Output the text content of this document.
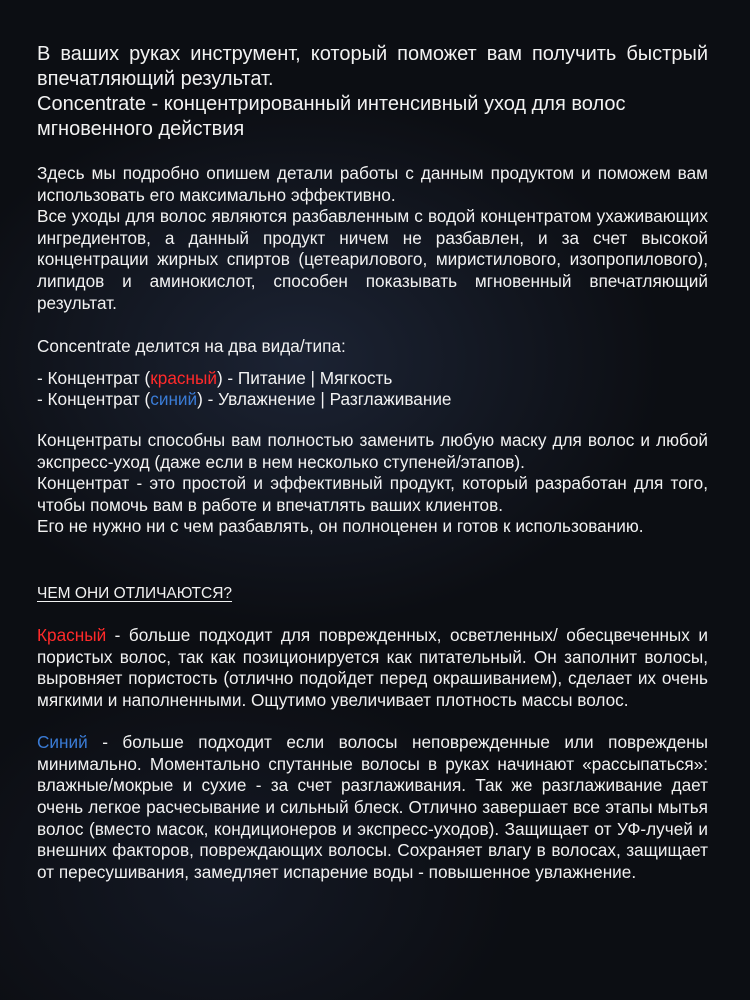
В ваших руках инструмент, который поможет вам получить быстрый впечатляющий результат.

Concentrate - концентрированный интенсивный уход для волос мгновенного действия

Здесь мы подробно опишем детали работы с данным продуктом и поможем вам использовать его максимально эффективно.

Все уходы для волос являются разбавленным с водой концентратом ухаживающих ингредиентов, а данный продукт ничем не разбавлен, и за счет высокой концентрации жирных спиртов (цетеарилового, миристилового, изопропилового), липидов и аминокислот, способен показывать мгновенный впечатляющий результат.

Concentrate делится на два вида/типа:

- Концентрат (красный) - Питание | Мягкость
- Концентрат (синий) - Увлажнение | Разглаживание

Концентраты способны вам полностью заменить любую маску для волос и любой экспресс-уход (даже если в нем несколько ступеней/этапов).

Концентрат - это простой и эффективный продукт, который разработан для того, чтобы помочь вам в работе и впечатлять ваших клиентов.

Его не нужно ни с чем разбавлять, он полноценен и готов к использованию.

ЧЕМ ОНИ ОТЛИЧАЮТСЯ?

Красный - больше подходит для поврежденных, осветленных/ обесцвеченных и пористых волос, так как позиционируется как питательный. Он заполнит волосы, выровняет пористость (отлично подойдет перед окрашиванием), сделает их очень мягкими и наполненными. Ощутимо увеличивает плотность массы волос.

Синий - больше подходит если волосы неповрежденные или повреждены минимально. Моментально спутанные волосы в руках начинают «рассыпаться»: влажные/мокрые и сухие - за счет разглаживания. Так же разглаживание дает очень легкое расчесывание и сильный блеск. Отлично завершает все этапы мытья волос (вместо масок, кондиционеров и экспресс-уходов). Защищает от УФ-лучей и внешних факторов, повреждающих волосы. Сохраняет влагу в волосах, защищает от пересушивания, замедляет испарение воды - повышенное увлажнение.
